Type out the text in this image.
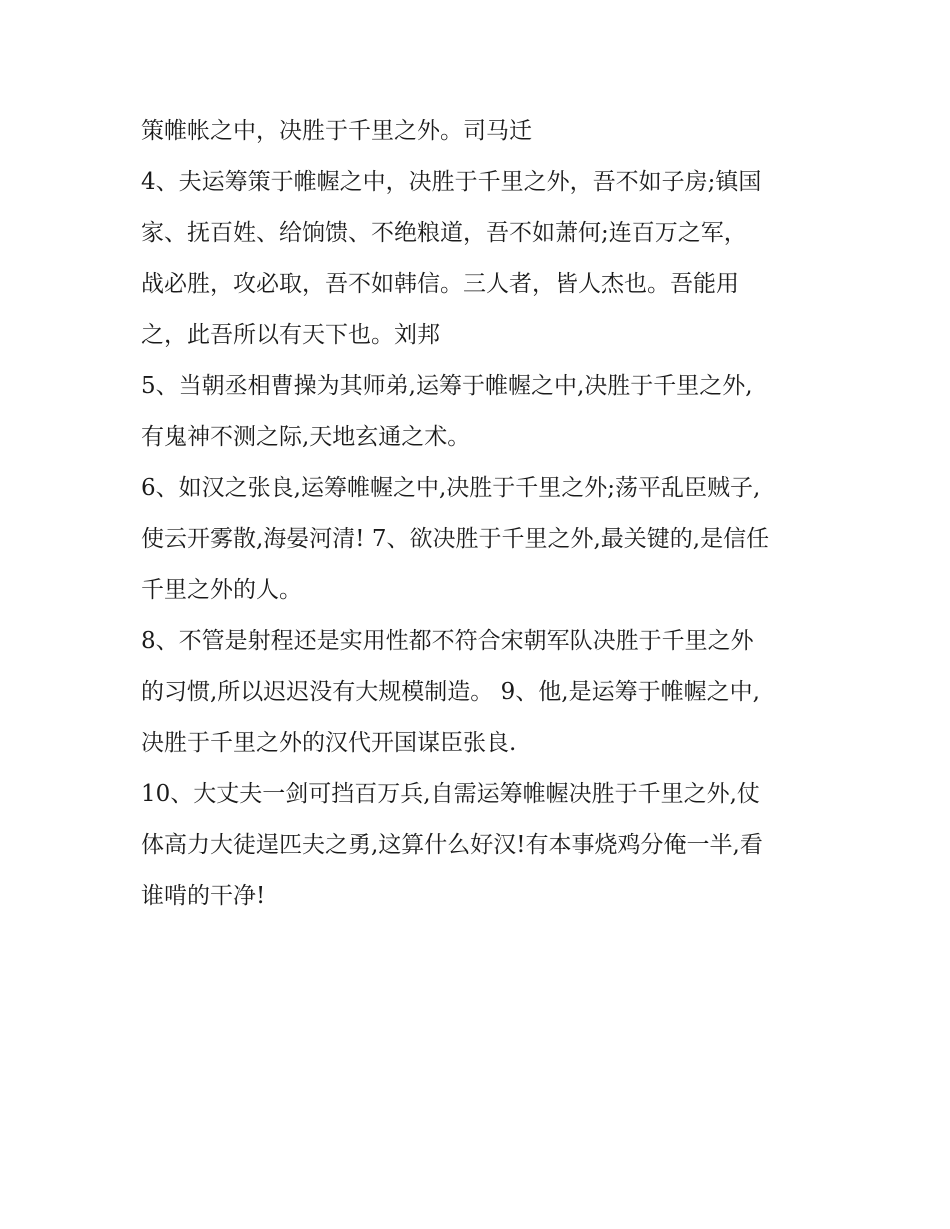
策帷帐之中，决胜于千里之外。司马迁

4、夫运筹策于帷幄之中，决胜于千里之外，吾不如子房;镇国
家、抚百姓、给饷馈、不绝粮道，吾不如萧何;连百万之军，
战必胜，攻必取，吾不如韩信。三人者，皆人杰也。吾能用
之，此吾所以有天下也。刘邦

5、当朝丞相曹操为其师弟,运筹于帷幄之中,决胜于千里之外,
有鬼神不测之际,天地玄通之术。

6、如汉之张良,运筹帷幄之中,决胜于千里之外;荡平乱臣贼子,
使云开雾散,海晏河清! 7、欲决胜于千里之外,最关键的,是信任
千里之外的人。

8、不管是射程还是实用性都不符合宋朝军队决胜于千里之外
的习惯,所以迟迟没有大规模制造。 9、他,是运筹于帷幄之中,
决胜于千里之外的汉代开国谋臣张良.

10、大丈夫一剑可挡百万兵,自需运筹帷幄决胜于千里之外,仗
体高力大徒逞匹夫之勇,这算什么好汉!有本事烧鸡分俺一半,看
谁啃的干净!
